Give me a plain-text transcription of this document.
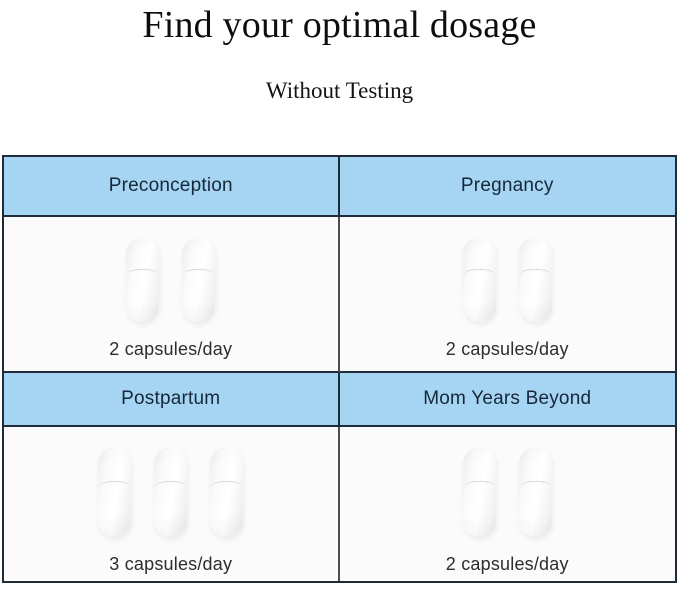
Find your optimal dosage
Without Testing
Preconception	Pregnancy
2 capsules/day	2 capsules/day
Postpartum	Mom Years Beyond
3 capsules/day	2 capsules/day
